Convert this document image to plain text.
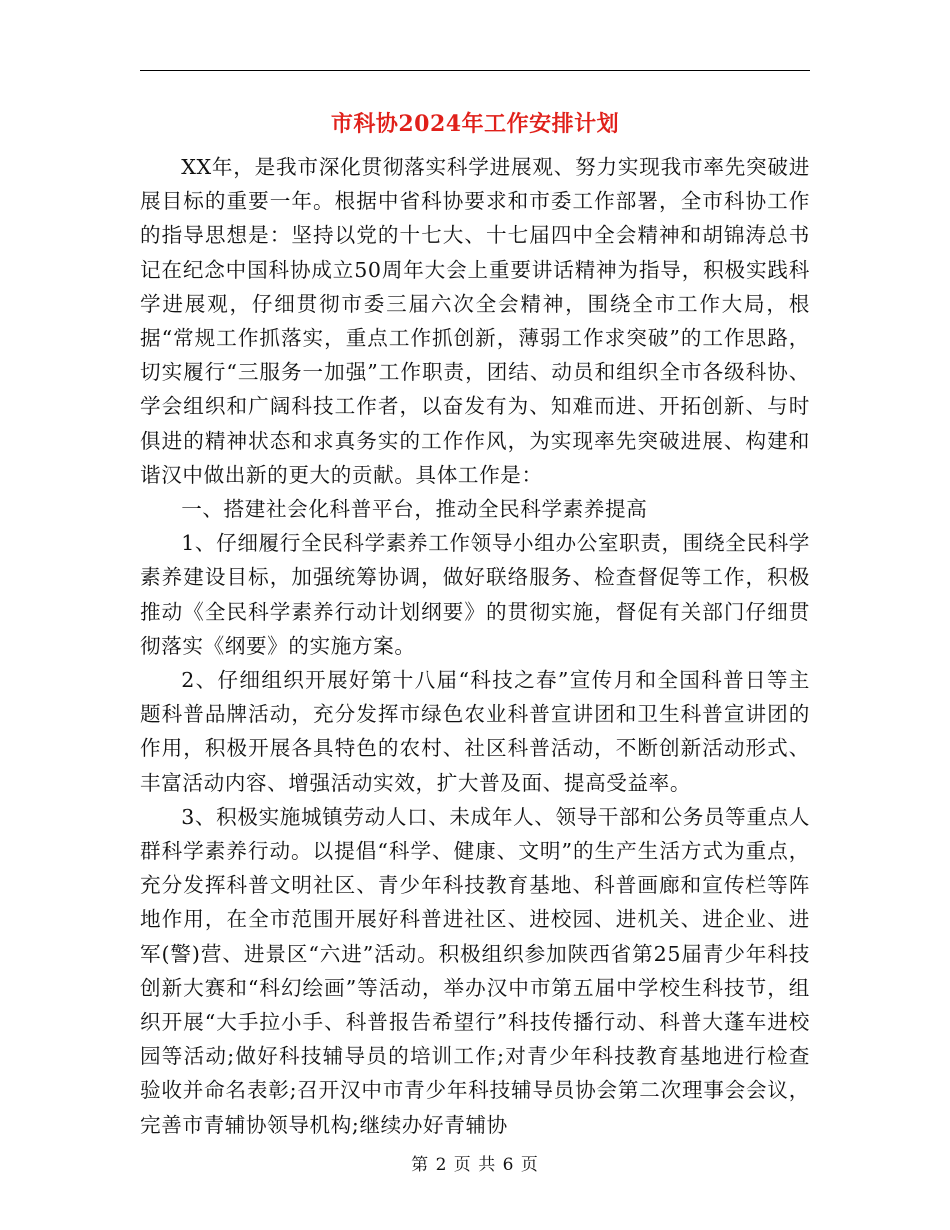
市科协2024年工作安排计划

XX年，是我市深化贯彻落实科学进展观、努力实现我市率先突破进展目标的重要一年。根据中省科协要求和市委工作部署，全市科协工作的指导思想是：坚持以党的十七大、十七届四中全会精神和胡锦涛总书记在纪念中国科协成立50周年大会上重要讲话精神为指导，积极实践科学进展观，仔细贯彻市委三届六次全会精神，围绕全市工作大局，根据“常规工作抓落实，重点工作抓创新，薄弱工作求突破”的工作思路，切实履行“三服务一加强”工作职责，团结、动员和组织全市各级科协、学会组织和广阔科技工作者，以奋发有为、知难而进、开拓创新、与时俱进的精神状态和求真务实的工作作风，为实现率先突破进展、构建和谐汉中做出新的更大的贡献。具体工作是：

一、搭建社会化科普平台，推动全民科学素养提高

1、仔细履行全民科学素养工作领导小组办公室职责，围绕全民科学素养建设目标，加强统筹协调，做好联络服务、检查督促等工作，积极推动《全民科学素养行动计划纲要》的贯彻实施，督促有关部门仔细贯彻落实《纲要》的实施方案。

2、仔细组织开展好第十八届“科技之春”宣传月和全国科普日等主题科普品牌活动，充分发挥市绿色农业科普宣讲团和卫生科普宣讲团的作用，积极开展各具特色的农村、社区科普活动，不断创新活动形式、丰富活动内容、增强活动实效，扩大普及面、提高受益率。

3、积极实施城镇劳动人口、未成年人、领导干部和公务员等重点人群科学素养行动。以提倡“科学、健康、文明”的生产生活方式为重点，充分发挥科普文明社区、青少年科技教育基地、科普画廊和宣传栏等阵地作用，在全市范围开展好科普进社区、进校园、进机关、进企业、进军(警)营、进景区“六进”活动。积极组织参加陕西省第25届青少年科技创新大赛和“科幻绘画”等活动，举办汉中市第五届中学校生科技节，组织开展“大手拉小手、科普报告希望行”科技传播行动、科普大蓬车进校园等活动;做好科技辅导员的培训工作;对青少年科技教育基地进行检查验收并命名表彰;召开汉中市青少年科技辅导员协会第二次理事会会议，完善市青辅协领导机构;继续办好青辅协

第 2 页 共 6 页
